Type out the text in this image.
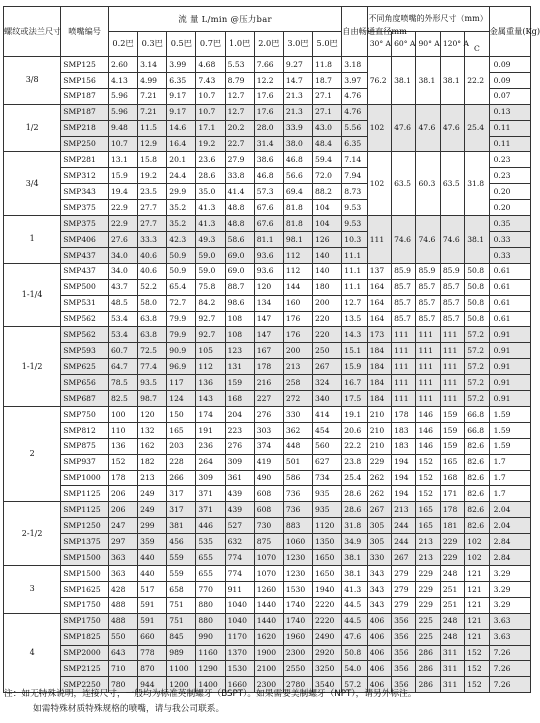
螺纹或法兰尺寸	喷嘴编号	流 量 L/min @压力bar								自由畅通直径mm	不同角度喷嘴的外形尺寸（mm）					金属重量(Kg)
		0.2巴	0.3巴	0.5巴	0.7巴	1.0巴	2.0巴	3.0巴	5.0巴		30° A	60° A	90° A	120° A	C	
3/8	SMP125	2.60	3.14	3.99	4.68	5.53	7.66	9.27	11.8	3.18	76.2	38.1	38.1	38.1	22.2	0.09
	SMP156	4.13	4.99	6.35	7.43	8.79	12.2	14.7	18.7	3.97						0.09
	SMP187	5.96	7.21	9.17	10.7	12.7	17.6	21.3	27.1	4.76						0.07
1/2	SMP187	5.96	7.21	9.17	10.7	12.7	17.6	21.3	27.1	4.76	102	47.6	47.6	47.6	25.4	0.13
	SMP218	9.48	11.5	14.6	17.1	20.2	28.0	33.9	43.0	5.56						0.11
	SMP250	10.7	12.9	16.4	19.2	22.7	31.4	38.0	48.4	6.35						0.11
3/4	SMP281	13.1	15.8	20.1	23.6	27.9	38.6	46.8	59.4	7.14	102	63.5	60.3	63.5	31.8	0.23
	SMP312	15.9	19.2	24.4	28.6	33.8	46.8	56.6	72.0	7.94						0.23
	SMP343	19.4	23.5	29.9	35.0	41.4	57.3	69.4	88.2	8.73						0.20
	SMP375	22.9	27.7	35.2	41.3	48.8	67.6	81.8	104	9.53						0.20
1	SMP375	22.9	27.7	35.2	41.3	48.8	67.6	81.8	104	9.53	111	74.6	74.6	74.6	38.1	0.35
	SMP406	27.6	33.3	42.3	49.3	58.6	81.1	98.1	126	10.3						0.33
	SMP437	34.0	40.6	50.9	59.0	69.0	93.6	112	140	11.1						0.33
1-1/4	SMP437	34.0	40.6	50.9	59.0	69.0	93.6	112	140	11.1	137	85.9	85.9	85.9	50.8	0.61
	SMP500	43.7	52.2	65.4	75.8	88.7	120	144	180	11.1	164	85.7	85.7	85.7	50.8	0.61
	SMP531	48.5	58.0	72.7	84.2	98.6	134	160	200	12.7	164	85.7	85.7	85.7	50.8	0.61
	SMP562	53.4	63.8	79.9	92.7	108	147	176	220	13.5	164	85.7	85.7	85.7	50.8	0.61
1-1/2	SMP562	53.4	63.8	79.9	92.7	108	147	176	220	14.3	173	111	111	111	57.2	0.91
	SMP593	60.7	72.5	90.9	105	123	167	200	250	15.1	184	111	111	111	57.2	0.91
	SMP625	64.7	77.4	96.9	112	131	178	213	267	15.9	184	111	111	111	57.2	0.91
	SMP656	78.5	93.5	117	136	159	216	258	324	16.7	184	111	111	111	57.2	0.91
	SMP687	82.5	98.7	124	143	168	227	272	340	17.5	184	111	111	111	57.2	0.91
2	SMP750	100	120	150	174	204	276	330	414	19.1	210	178	146	159	66.8	1.59
	SMP812	110	132	165	191	223	303	362	454	20.6	210	183	146	159	66.8	1.59
	SMP875	136	162	203	236	276	374	448	560	22.2	210	183	146	159	82.6	1.59
	SMP937	152	182	228	264	309	419	501	627	23.8	229	194	152	165	82.6	1.7
	SMP1000	178	213	266	309	361	490	586	734	25.4	262	194	152	168	82.6	1.7
	SMP1125	206	249	317	371	439	608	736	935	28.6	262	194	152	171	82.6	1.7
2-1/2	SMP1125	206	249	317	371	439	608	736	935	28.6	267	213	165	178	82.6	2.04
	SMP1250	247	299	381	446	527	730	883	1120	31.8	305	244	165	181	82.6	2.04
	SMP1375	297	359	456	535	632	875	1060	1350	34.9	305	244	213	229	102	2.84
	SMP1500	363	440	559	655	774	1070	1230	1650	38.1	330	267	213	229	102	2.84
3	SMP1500	363	440	559	655	774	1070	1230	1650	38.1	343	279	229	248	121	3.29
	SMP1625	428	517	658	770	911	1260	1530	1940	41.3	343	279	229	251	121	3.29
	SMP1750	488	591	751	880	1040	1440	1740	2220	44.5	343	279	229	251	121	3.29
4	SMP1750	488	591	751	880	1040	1440	1740	2220	44.5	406	356	225	248	121	3.63
	SMP1825	550	660	845	990	1170	1620	1960	2490	47.6	406	356	225	248	121	3.63
	SMP2000	643	778	989	1160	1370	1900	2300	2920	50.8	406	356	286	311	152	7.26
	SMP2125	710	870	1100	1290	1530	2100	2550	3250	54.0	406	356	286	311	152	7.26
	SMP2250	780	944	1200	1400	1660	2300	2780	3540	57.2	406	356	286	311	152	7.26
注：如无特殊说明，连接尺寸，一般均为标准英制螺牙（BSPT）。如果需要美制螺牙（NPT），请另外标注。
如需特殊材质特殊规格的喷嘴，请与我公司联系。
